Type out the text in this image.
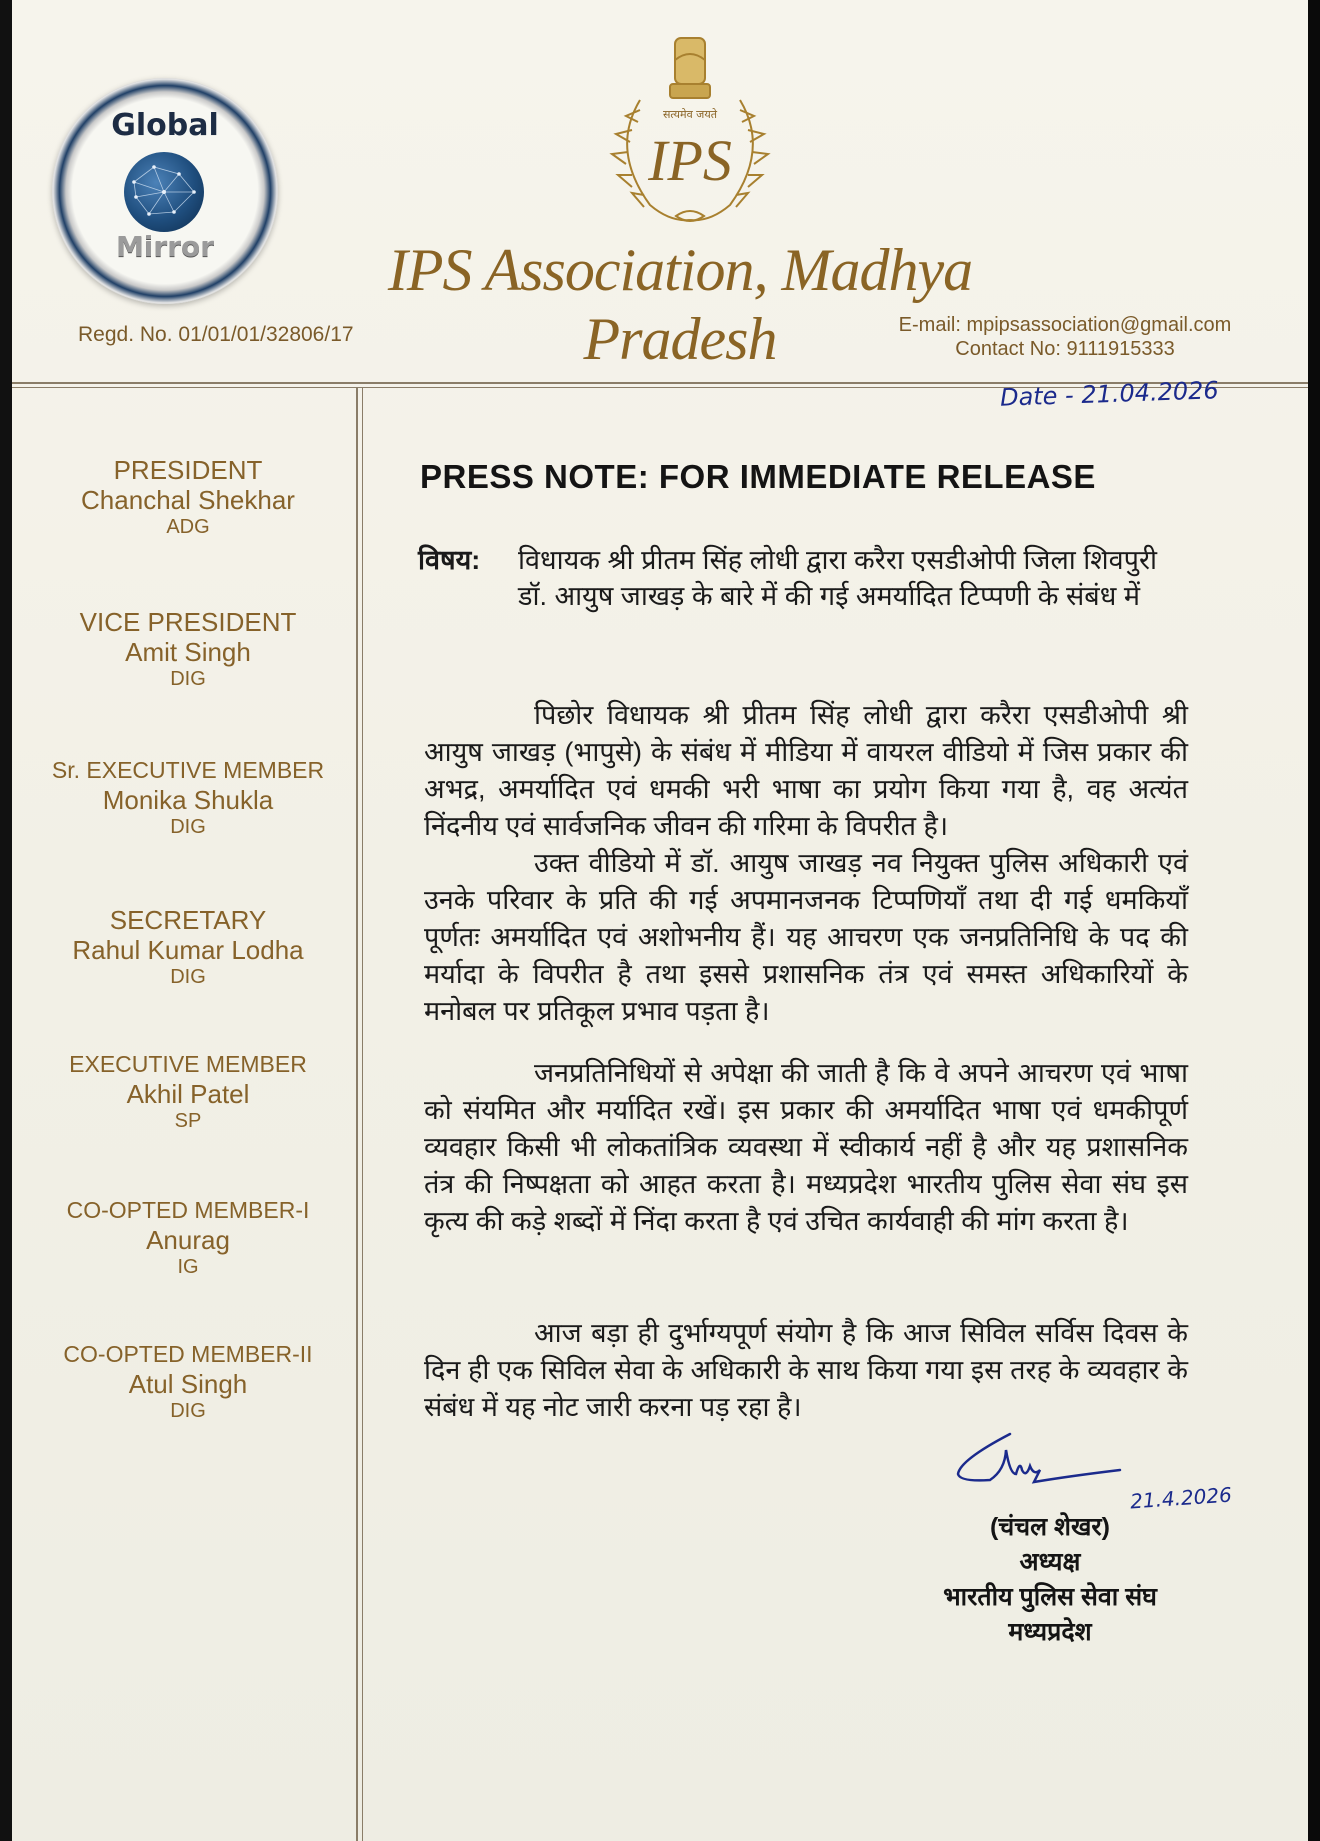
Global
Mirror
सत्यमेव जयते
IPS
IPS Association, Madhya Pradesh
Regd. No. 01/01/01/32806/17	E-mail: mpipsassociation@gmail.com
Contact No: 9111915333
Date - 21.04.2026
PRESIDENT
Chanchal Shekhar
ADG
VICE PRESIDENT
Amit Singh
DIG
Sr. EXECUTIVE MEMBER
Monika Shukla
DIG
SECRETARY
Rahul Kumar Lodha
DIG
EXECUTIVE MEMBER
Akhil Patel
SP
CO-OPTED MEMBER-I
Anurag
IG
CO-OPTED MEMBER-II
Atul Singh
DIG
PRESS NOTE: FOR IMMEDIATE RELEASE
विषय: विधायक श्री प्रीतम सिंह लोधी द्वारा करैरा एसडीओपी जिला शिवपुरी डॉ. आयुष जाखड़ के बारे में की गई अमर्यादित टिप्पणी के संबंध में
पिछोर विधायक श्री प्रीतम सिंह लोधी द्वारा करैरा एसडीओपी श्री आयुष जाखड़ (भापुसे) के संबंध में मीडिया में वायरल वीडियो में जिस प्रकार की अभद्र, अमर्यादित एवं धमकी भरी भाषा का प्रयोग किया गया है, वह अत्यंत निंदनीय एवं सार्वजनिक जीवन की गरिमा के विपरीत है।
उक्त वीडियो में डॉ. आयुष जाखड़ नव नियुक्त पुलिस अधिकारी एवं उनके परिवार के प्रति की गई अपमानजनक टिप्पणियाँ तथा दी गई धमकियाँ पूर्णतः अमर्यादित एवं अशोभनीय हैं। यह आचरण एक जनप्रतिनिधि के पद की मर्यादा के विपरीत है तथा इससे प्रशासनिक तंत्र एवं समस्त अधिकारियों के मनोबल पर प्रतिकूल प्रभाव पड़ता है।
जनप्रतिनिधियों से अपेक्षा की जाती है कि वे अपने आचरण एवं भाषा को संयमित और मर्यादित रखें। इस प्रकार की अमर्यादित भाषा एवं धमकीपूर्ण व्यवहार किसी भी लोकतांत्रिक व्यवस्था में स्वीकार्य नहीं है और यह प्रशासनिक तंत्र की निष्पक्षता को आहत करता है। मध्यप्रदेश भारतीय पुलिस सेवा संघ इस कृत्य की कड़े शब्दों में निंदा करता है एवं उचित कार्यवाही की मांग करता है।
आज बड़ा ही दुर्भाग्यपूर्ण संयोग है कि आज सिविल सर्विस दिवस के दिन ही एक सिविल सेवा के अधिकारी के साथ किया गया इस तरह के व्यवहार के संबंध में यह नोट जारी करना पड़ रहा है।
21.4.2026
(चंचल शेखर)
अध्यक्ष
भारतीय पुलिस सेवा संघ
मध्यप्रदेश
